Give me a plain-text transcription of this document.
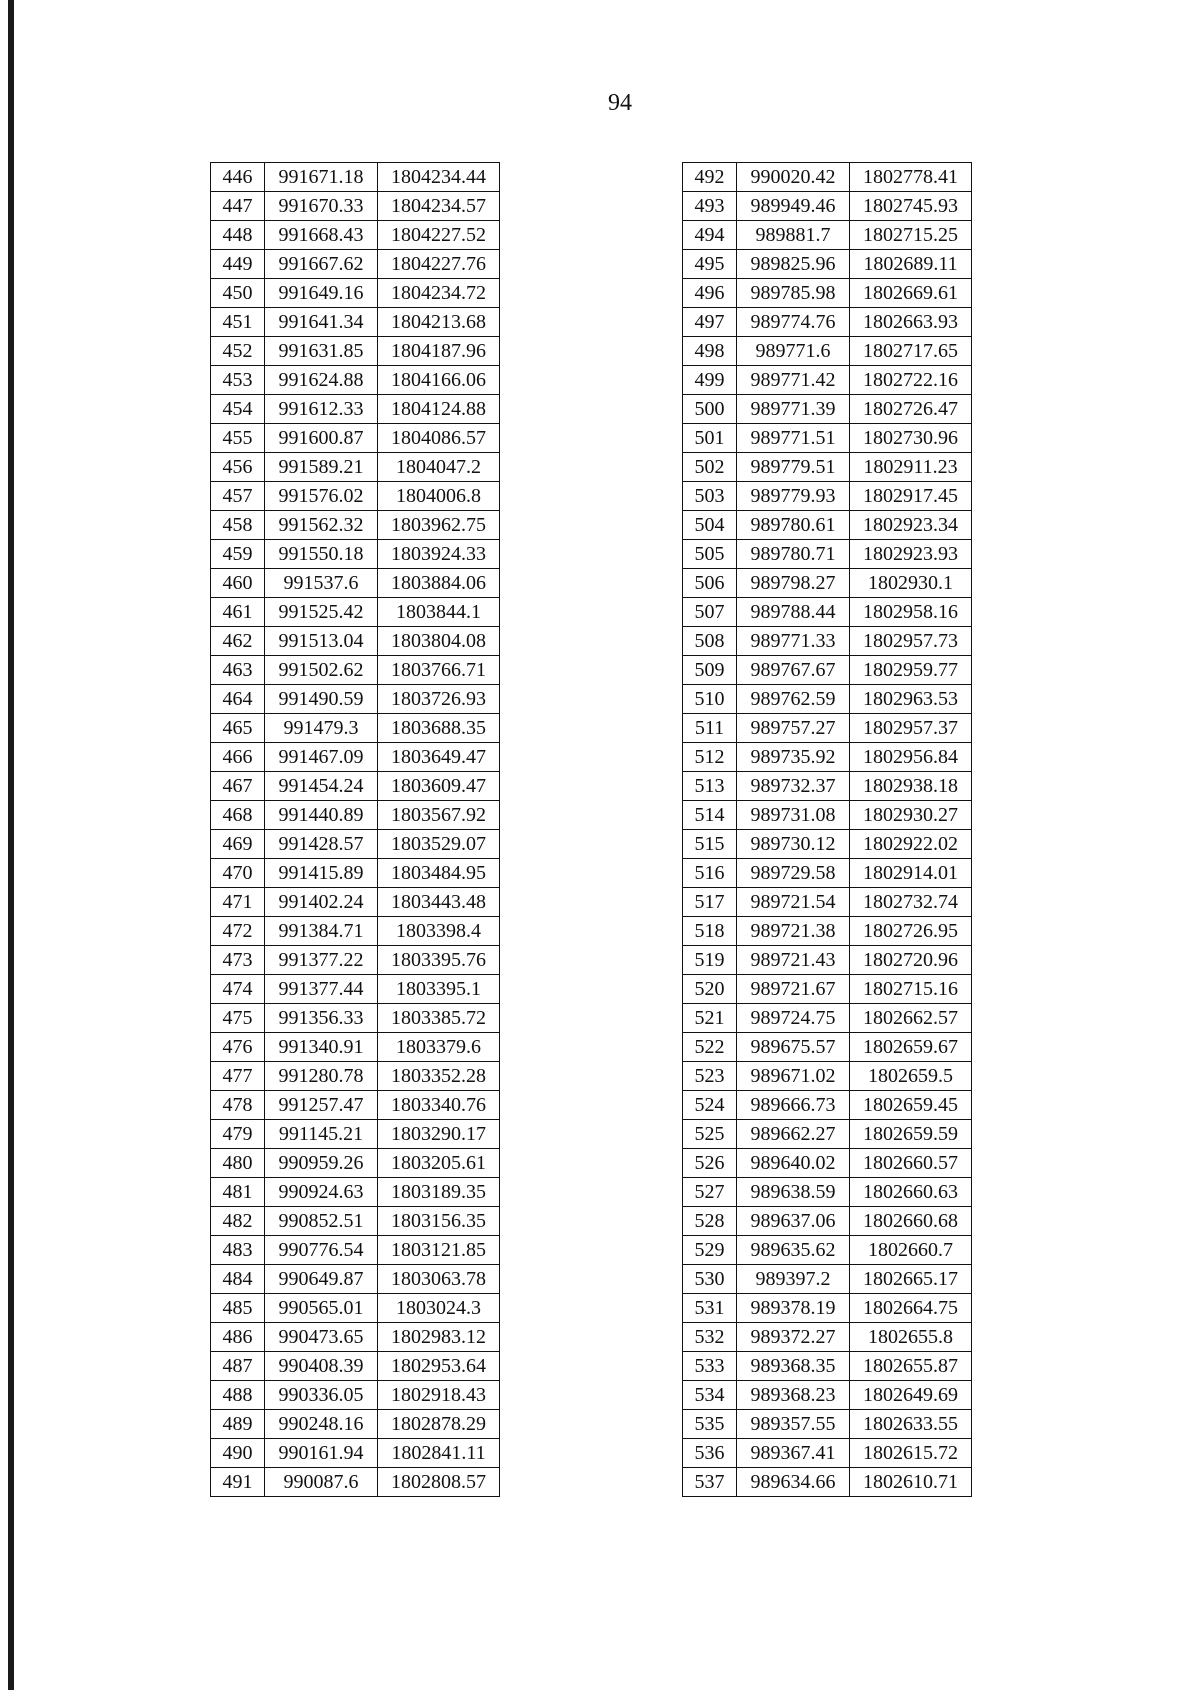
94
446	991671.18	1804234.44
447	991670.33	1804234.57
448	991668.43	1804227.52
449	991667.62	1804227.76
450	991649.16	1804234.72
451	991641.34	1804213.68
452	991631.85	1804187.96
453	991624.88	1804166.06
454	991612.33	1804124.88
455	991600.87	1804086.57
456	991589.21	1804047.2
457	991576.02	1804006.8
458	991562.32	1803962.75
459	991550.18	1803924.33
460	991537.6	1803884.06
461	991525.42	1803844.1
462	991513.04	1803804.08
463	991502.62	1803766.71
464	991490.59	1803726.93
465	991479.3	1803688.35
466	991467.09	1803649.47
467	991454.24	1803609.47
468	991440.89	1803567.92
469	991428.57	1803529.07
470	991415.89	1803484.95
471	991402.24	1803443.48
472	991384.71	1803398.4
473	991377.22	1803395.76
474	991377.44	1803395.1
475	991356.33	1803385.72
476	991340.91	1803379.6
477	991280.78	1803352.28
478	991257.47	1803340.76
479	991145.21	1803290.17
480	990959.26	1803205.61
481	990924.63	1803189.35
482	990852.51	1803156.35
483	990776.54	1803121.85
484	990649.87	1803063.78
485	990565.01	1803024.3
486	990473.65	1802983.12
487	990408.39	1802953.64
488	990336.05	1802918.43
489	990248.16	1802878.29
490	990161.94	1802841.11
491	990087.6	1802808.57
492	990020.42	1802778.41
493	989949.46	1802745.93
494	989881.7	1802715.25
495	989825.96	1802689.11
496	989785.98	1802669.61
497	989774.76	1802663.93
498	989771.6	1802717.65
499	989771.42	1802722.16
500	989771.39	1802726.47
501	989771.51	1802730.96
502	989779.51	1802911.23
503	989779.93	1802917.45
504	989780.61	1802923.34
505	989780.71	1802923.93
506	989798.27	1802930.1
507	989788.44	1802958.16
508	989771.33	1802957.73
509	989767.67	1802959.77
510	989762.59	1802963.53
511	989757.27	1802957.37
512	989735.92	1802956.84
513	989732.37	1802938.18
514	989731.08	1802930.27
515	989730.12	1802922.02
516	989729.58	1802914.01
517	989721.54	1802732.74
518	989721.38	1802726.95
519	989721.43	1802720.96
520	989721.67	1802715.16
521	989724.75	1802662.57
522	989675.57	1802659.67
523	989671.02	1802659.5
524	989666.73	1802659.45
525	989662.27	1802659.59
526	989640.02	1802660.57
527	989638.59	1802660.63
528	989637.06	1802660.68
529	989635.62	1802660.7
530	989397.2	1802665.17
531	989378.19	1802664.75
532	989372.27	1802655.8
533	989368.35	1802655.87
534	989368.23	1802649.69
535	989357.55	1802633.55
536	989367.41	1802615.72
537	989634.66	1802610.71
